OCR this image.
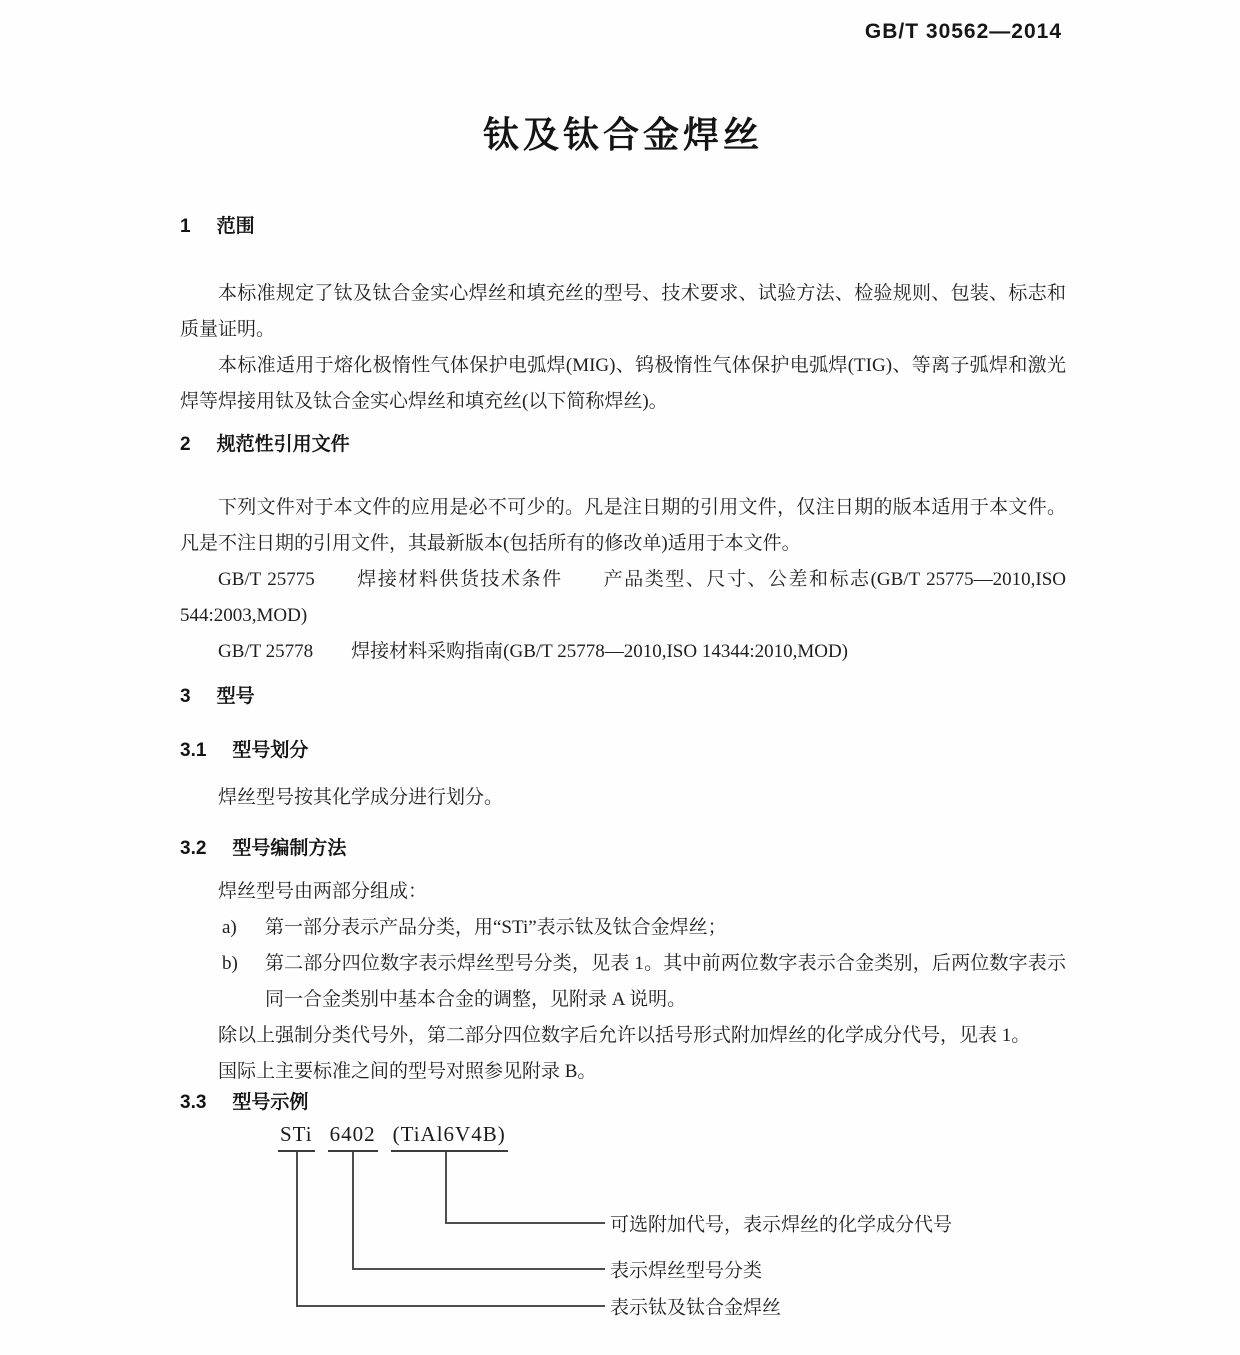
GB/T 30562—2014
钛及钛合金焊丝
1 范围

本标准规定了钛及钛合金实心焊丝和填充丝的型号、技术要求、试验方法、检验规则、包装、标志和质量证明。

本标准适用于熔化极惰性气体保护电弧焊(MIG)、钨极惰性气体保护电弧焊(TIG)、等离子弧焊和激光焊等焊接用钛及钛合金实心焊丝和填充丝(以下简称焊丝)。

2 规范性引用文件

下列文件对于本文件的应用是必不可少的。凡是注日期的引用文件，仅注日期的版本适用于本文件。凡是不注日期的引用文件，其最新版本(包括所有的修改单)适用于本文件。

GB/T 25775　　焊接材料供货技术条件　　产品类型、尺寸、公差和标志(GB/T 25775—2010,ISO 544:2003,MOD)

GB/T 25778　　焊接材料采购指南(GB/T 25778—2010,ISO 14344:2010,MOD)

3 型号
3.1 型号划分

焊丝型号按其化学成分进行划分。

3.2 型号编制方法

焊丝型号由两部分组成：

a)	第一部分表示产品分类，用“STi”表示钛及钛合金焊丝；
b)	第二部分四位数字表示焊丝型号分类，见表 1。其中前两位数字表示合金类别，后两位数字表示同一合金类别中基本合金的调整，见附录 A 说明。

除以上强制分类代号外，第二部分四位数字后允许以括号形式附加焊丝的化学成分代号，见表 1。

国际上主要标准之间的型号对照参见附录 B。

3.3 型号示例
STi 6402 (TiAl6V4B)
可选附加代号，表示焊丝的化学成分代号
表示焊丝型号分类
表示钛及钛合金焊丝
